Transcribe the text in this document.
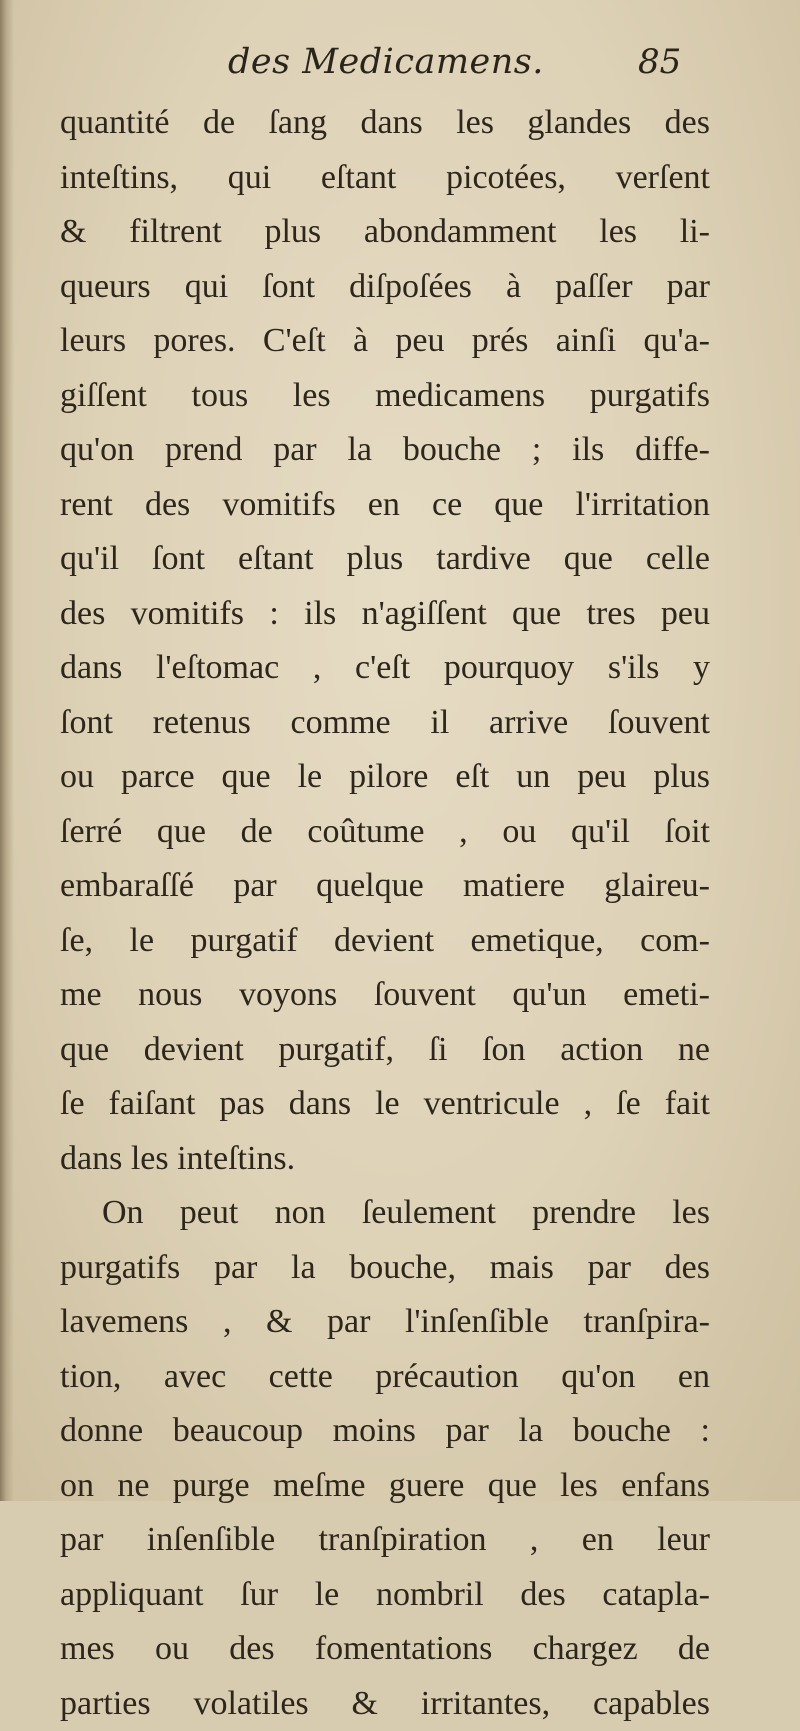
des Medicamens.	85
quantité de ſang dans les glandes des
inteſtins, qui eſtant picotées, verſent
& filtrent plus abondamment les li-
queurs qui ſont diſpoſées à paſſer par
leurs pores. C'eſt à peu prés ainſi qu'a-
giſſent tous les medicamens purgatifs
qu'on prend par la bouche ; ils diffe-
rent des vomitifs en ce que l'irritation
qu'il ſont eſtant plus tardive que celle
des vomitifs : ils n'agiſſent que tres peu
dans l'eſtomac , c'eſt pourquoy s'ils y
ſont retenus comme il arrive ſouvent
ou parce que le pilore eſt un peu plus
ſerré que de coûtume , ou qu'il ſoit
embaraſſé par quelque matiere glaireu-
ſe, le purgatif devient emetique, com-
me nous voyons ſouvent qu'un emeti-
que devient purgatif, ſi ſon action ne
ſe faiſant pas dans le ventricule , ſe fait
dans les inteſtins.
On peut non ſeulement prendre les
purgatifs par la bouche, mais par des
lavemens , & par l'inſenſible tranſpira-
tion, avec cette précaution qu'on en
donne beaucoup moins par la bouche :
on ne purge meſme guere que les enfans
par inſenſible tranſpiration , en leur
appliquant ſur le nombril des catapla-
mes ou des fomentations chargez de
parties volatiles & irritantes, capables
